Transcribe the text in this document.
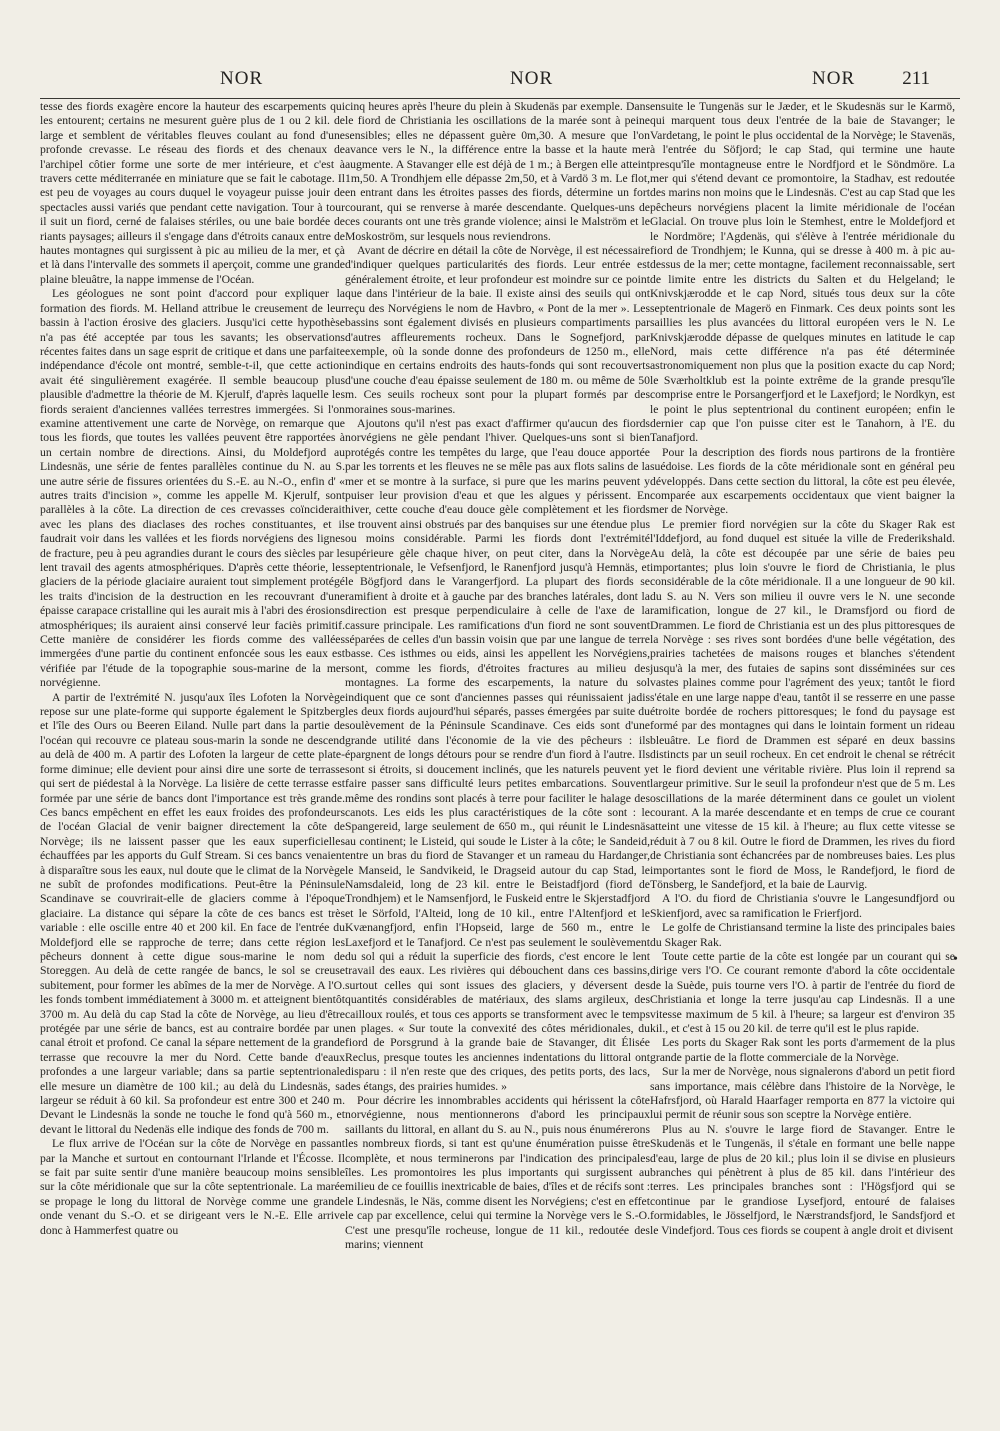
NOR	NOR	NOR 211

tesse des fiords exagère encore la hauteur des escarpements qui les entourent; certains ne mesurent guère plus de 1 ou 2 kil. de large et semblent de véritables fleuves coulant au fond d'une profonde crevasse. Le réseau des fiords et des chenaux de l'archipel côtier forme une sorte de mer intérieure, et c'est à travers cette méditerranée en miniature que se fait le cabotage. Il est peu de voyages au cours duquel le voyageur puisse jouir de spectacles aussi variés que pendant cette navigation. Tour à tour il suit un fiord, cerné de falaises stériles, ou une baie bordée de riants paysages; ailleurs il s'engage dans d'étroits canaux entre de hautes montagnes qui surgissent à pic au milieu de la mer, et çà et là dans l'intervalle des sommets il aperçoit, comme une grande plaine bleuâtre, la nappe immense de l'Océan.

Les géologues ne sont point d'accord pour expliquer la formation des fiords. M. Helland attribue le creusement de leur bassin à l'action érosive des glaciers. Jusqu'ici cette hypothèse n'a pas été acceptée par tous les savants; les observations récentes faites dans un sage esprit de critique et dans une parfaite indépendance d'école ont montré, semble-t-il, que cette action avait été singulièrement exagérée. Il semble beaucoup plus plausible d'admettre la théorie de M. Kjerulf, d'après laquelle les fiords seraient d'anciennes vallées terrestres immergées. Si l'on examine attentivement une carte de Norvège, on remarque que tous les fiords, que toutes les vallées peuvent être rapportées à un certain nombre de directions. Ainsi, du Moldefjord au Lindesnäs, une série de fentes parallèles continue du N. au S. une autre série de fissures orientées du S.-E. au N.-O., enfin d' « autres traits d'incision », comme les appelle M. Kjerulf, sont parallèles à la côte. La direction de ces crevasses coïnciderait avec les plans des diaclases des roches constituantes, et il faudrait voir dans les vallées et les fiords norvégiens des lignes de fracture, peu à peu agrandies durant le cours des siècles par le lent travail des agents atmosphériques. D'après cette théorie, les glaciers de la période glaciaire auraient tout simplement protégé les traits d'incision de la destruction en les recouvrant d'une épaisse carapace cristalline qui les aurait mis à l'abri des érosions atmosphériques; ils auraient ainsi conservé leur faciès primitif. Cette manière de considérer les fiords comme des vallées immergées d'une partie du continent enfoncée sous les eaux est vérifiée par l'étude de la topographie sous-marine de la mer norvégienne.

A partir de l'extrémité N. jusqu'aux îles Lofoten la Norvège repose sur une plate-forme qui supporte également le Spitzberg et l'île des Ours ou Beeren Eiland. Nulle part dans la partie de l'océan qui recouvre ce plateau sous-marin la sonde ne descend au delà de 400 m. A partir des Lofoten la largeur de cette plate-forme diminue; elle devient pour ainsi dire une sorte de terrasse qui sert de piédestal à la Norvège. La lisière de cette terrasse est formée par une série de bancs dont l'importance est très grande. Ces bancs empêchent en effet les eaux froides des profondeurs de l'océan Glacial de venir baigner directement la côte de Norvège; ils ne laissent passer que les eaux superficielles échauffées par les apports du Gulf Stream. Si ces bancs venaient à disparaître sous les eaux, nul doute que le climat de la Norvège ne subît de profondes modifications. Peut-être la Péninsule Scandinave se couvrirait-elle de glaciers comme à l'époque glaciaire. La distance qui sépare la côte de ces bancs est très variable : elle oscille entre 40 et 200 kil. En face de l'entrée du Moldefjord elle se rapproche de terre; dans cette région les pêcheurs donnent à cette digue sous-marine le nom de Storeggen. Au delà de cette rangée de bancs, le sol se creuse subitement, pour former les abîmes de la mer de Norvège. A l'O. les fonds tombent immédiatement à 3000 m. et atteignent bientôt 3700 m. Au delà du cap Stad la côte de Norvège, au lieu d'être protégée par une série de bancs, est au contraire bordée par un canal étroit et profond. Ce canal la sépare nettement de la grande terrasse que recouvre la mer du Nord. Cette bande d'eaux profondes a une largeur variable; dans sa partie septentrionale elle mesure un diamètre de 100 kil.; au delà du Lindesnäs, sa largeur se réduit à 60 kil. Sa profondeur est entre 300 et 240 m. Devant le Lindesnäs la sonde ne touche le fond qu'à 560 m., et devant le littoral du Nedenäs elle indique des fonds de 700 m.

Le flux arrive de l'Océan sur la côte de Norvège en passant par la Manche et surtout en contournant l'Irlande et l'Écosse. Il se fait par suite sentir d'une manière beaucoup moins sensible sur la côte méridionale que sur la côte septentrionale. La marée se propage le long du littoral de Norvège comme une grande onde venant du S.-O. et se dirigeant vers le N.-E. Elle arrive donc à Hammerfest quatre ou

cinq heures après l'heure du plein à Skudenäs par exemple. Dans le fiord de Christiania les oscillations de la marée sont à peine sensibles; elles ne dépassent guère 0m,30. A mesure que l'on avance vers le N., la différence entre la basse et la haute mer augmente. A Stavanger elle est déjà de 1 m.; à Bergen elle atteint 1m,50. A Trondhjem elle dépasse 2m,50, et à Vardö 3 m. Le flot, en entrant dans les étroites passes des fiords, détermine un fort courant, qui se renverse à marée descendante. Quelques-uns de ces courants ont une très grande violence; ainsi le Malström et le Moskoström, sur lesquels nous reviendrons.

Avant de décrire en détail la côte de Norvège, il est nécessaire d'indiquer quelques particularités des fiords. Leur entrée est généralement étroite, et leur profondeur est moindre sur ce point que dans l'intérieur de la baie. Il existe ainsi des seuils qui ont reçu des Norvégiens le nom de Havbro, « Pont de la mer ». Les bassins sont également divisés en plusieurs compartiments par d'autres affleurements rocheux. Dans le Sognefjord, par exemple, où la sonde donne des profondeurs de 1250 m., elle indique en certains endroits des hauts-fonds qui sont recouverts d'une couche d'eau épaisse seulement de 180 m. ou même de 50 m. Ces seuils rocheux sont pour la plupart formés par des moraines sous-marines.

Ajoutons qu'il n'est pas exact d'affirmer qu'aucun des fiords norvégiens ne gèle pendant l'hiver. Quelques-uns sont si bien protégés contre les tempêtes du large, que l'eau douce apportée par les torrents et les fleuves ne se mêle pas aux flots salins de la mer et se montre à la surface, si pure que les marins peuvent y puiser leur provision d'eau et que les algues y périssent. En hiver, cette couche d'eau douce gèle complètement et les fiords se trouvent ainsi obstrués par des banquises sur une étendue plus ou moins considérable. Parmi les fiords dont l'extrémité supérieure gèle chaque hiver, on peut citer, dans la Norvège septentrionale, le Vefsenfjord, le Ranenfjord jusqu'à Hemnäs, et le Bögfjord dans le Varangerfjord. La plupart des fiords se ramifient à droite et à gauche par des branches latérales, dont la direction est presque perpendiculaire à celle de l'axe de la cassure principale. Les ramifications d'un fiord ne sont souvent séparées de celles d'un bassin voisin que par une langue de terre basse. Ces isthmes ou eids, ainsi les appellent les Norvégiens, sont, comme les fiords, d'étroites fractures au milieu des montagnes. La forme des escarpements, la nature du sol indiquent que ce sont d'anciennes passes qui réunissaient jadis les deux fiords aujourd'hui séparés, passes émergées par suite du soulèvement de la Péninsule Scandinave. Ces eids sont d'une grande utilité dans l'économie de la vie des pêcheurs : ils épargnent de longs détours pour se rendre d'un fiord à l'autre. Ils sont si étroits, si doucement inclinés, que les naturels peuvent y faire passer sans difficulté leurs petites embarcations. Souvent même des rondins sont placés à terre pour faciliter le halage des canots. Les eids les plus caractéristiques de la côte sont : le Spangereid, large seulement de 650 m., qui réunit le Lindesnäs au continent; le Listeid, qui soude le Lister à la côte; le Sandeid, entre un bras du fiord de Stavanger et un rameau du Hardanger, le Manseid, le Sandvikeid, le Dragseid autour du cap Stad, le Namsdaleid, long de 23 kil. entre le Beistadfjord (fiord de Trondhjem) et le Namsenfjord, le Fuskeid entre le Skjerstadfjord et le Sörfold, l'Alteid, long de 10 kil., entre l'Altenfjord et le Kvænangfjord, enfin l'Hopseid, large de 560 m., entre le Laxefjord et le Tanafjord. Ce n'est pas seulement le soulèvement du sol qui a réduit la superficie des fiords, c'est encore le lent travail des eaux. Les rivières qui débouchent dans ces bassins, surtout celles qui sont issues des glaciers, y déversent des quantités considérables de matériaux, des slams argileux, des cailloux roulés, et tous ces apports se transforment avec le temps en plages. « Sur toute la convexité des côtes méridionales, du fiord de Porsgrund à la grande baie de Stavanger, dit Élisée Reclus, presque toutes les anciennes indentations du littoral ont disparu : il n'en reste que des criques, des petits ports, des lacs, des étangs, des prairies humides. »

Pour décrire les innombrables accidents qui hérissent la côte norvégienne, nous mentionnerons d'abord les principaux saillants du littoral, en allant du S. au N., puis nous énumérerons les nombreux fiords, si tant est qu'une énumération puisse être complète, et nous terminerons par l'indication des principales îles. Les promontoires les plus importants qui surgissent au milieu de ce fouillis inextricable de baies, d'îles et de récifs sont : le Lindesnäs, le Näs, comme disent les Norvégiens; c'est en effet le cap par excellence, celui qui termine la Norvège vers le S.-O. C'est une presqu'île rocheuse, longue de 11 kil., redoutée des marins; viennent

ensuite le Tungenäs sur le Jæder, et le Skudesnäs sur le Karmö, qui marquent tous deux l'entrée de la baie de Stavanger; le Vardetang, le point le plus occidental de la Norvège; le Stavenäs, à l'entrée du Söfjord; le cap Stad, qui termine une haute presqu'île montagneuse entre le Nordfjord et le Söndmöre. La mer qui s'étend devant ce promontoire, la Stadhav, est redoutée des marins non moins que le Lindesnäs. C'est au cap Stad que les pêcheurs norvégiens placent la limite méridionale de l'océan Glacial. On trouve plus loin le Stemhest, entre le Moldefjord et le Nordmöre; l'Agdenäs, qui s'élève à l'entrée méridionale du fiord de Trondhjem; le Kunna, qui se dresse à 400 m. à pic au-dessus de la mer; cette montagne, facilement reconnaissable, sert de limite entre les districts du Salten et du Helgeland; le Knivskjærodde et le cap Nord, situés tous deux sur la côte septentrionale de Magerö en Finmark. Ces deux points sont les saillies les plus avancées du littoral européen vers le N. Le Knivskjærodde dépasse de quelques minutes en latitude le cap Nord, mais cette différence n'a pas été déterminée astronomiquement non plus que la position exacte du cap Nord; le Sværholtklub est la pointe extrême de la grande presqu'île comprise entre le Porsangerfjord et le Laxefjord; le Nordkyn, est le point le plus septentrional du continent européen; enfin le dernier cap que l'on puisse citer est le Tanahorn, à l'E. du Tanafjord.

Pour la description des fiords nous partirons de la frontière suédoise. Les fiords de la côte méridionale sont en général peu développés. Dans cette section du littoral, la côte est peu élevée, comparée aux escarpements occidentaux que vient baigner la mer de Norvège.

Le premier fiord norvégien sur la côte du Skager Rak est l'Iddefjord, au fond duquel est située la ville de Frederikshald. Au delà, la côte est découpée par une série de baies peu importantes; plus loin s'ouvre le fiord de Christiania, le plus considérable de la côte méridionale. Il a une longueur de 90 kil. du S. au N. Vers son milieu il ouvre vers le N. une seconde ramification, longue de 27 kil., le Dramsfjord ou fiord de Drammen. Le fiord de Christiania est un des plus pittoresques de la Norvège : ses rives sont bordées d'une belle végétation, des prairies tachetées de maisons rouges et blanches s'étendent jusqu'à la mer, des futaies de sapins sont disséminées sur ces vastes plaines comme pour l'agrément des yeux; tantôt le fiord s'étale en une large nappe d'eau, tantôt il se resserre en une passe étroite bordée de rochers pittoresques; le fond du paysage est formé par des montagnes qui dans le lointain forment un rideau bleuâtre. Le fiord de Drammen est séparé en deux bassins distincts par un seuil rocheux. En cet endroit le chenal se rétrécit et le fiord devient une véritable rivière. Plus loin il reprend sa largeur primitive. Sur le seuil la profondeur n'est que de 5 m. Les oscillations de la marée déterminent dans ce goulet un violent courant. A la marée descendante et en temps de crue ce courant atteint une vitesse de 15 kil. à l'heure; au flux cette vitesse se réduit à 7 ou 8 kil. Outre le fiord de Drammen, les rives du fiord de Christiania sont échancrées par de nombreuses baies. Les plus importantes sont le fiord de Moss, le Randefjord, le fiord de Tönsberg, le Sandefjord, et la baie de Laurvig.

A l'O. du fiord de Christiania s'ouvre le Langesundfjord ou Skienfjord, avec sa ramification le Frierfjord.

Le golfe de Christiansand termine la liste des principales baies du Skager Rak.

Toute cette partie de la côte est longée par un courant qui se dirige vers l'O. Ce courant remonte d'abord la côte occidentale de la Suède, puis tourne vers l'O. à partir de l'entrée du fiord de Christiania et longe la terre jusqu'au cap Lindesnäs. Il a une vitesse maximum de 5 kil. à l'heure; sa largeur est d'environ 35 kil., et c'est à 15 ou 20 kil. de terre qu'il est le plus rapide.

Les ports du Skager Rak sont les ports d'armement de la plus grande partie de la flotte commerciale de la Norvège.

Sur la mer de Norvège, nous signalerons d'abord un petit fiord sans importance, mais célèbre dans l'histoire de la Norvège, le Hafrsfjord, où Harald Haarfager remporta en 877 la victoire qui lui permit de réunir sous son sceptre la Norvège entière.

Plus au N. s'ouvre le large fiord de Stavanger. Entre le Skudenäs et le Tungenäs, il s'étale en formant une belle nappe d'eau, large de plus de 20 kil.; plus loin il se divise en plusieurs branches qui pénètrent à plus de 85 kil. dans l'intérieur des terres. Les principales branches sont : l'Högsfjord qui se continue par le grandiose Lysefjord, entouré de falaises formidables, le Jösselfjord, le Nærstrandsfjord, le Sandsfjord et le Vindefjord. Tous ces fiords se coupent à angle droit et divisent

•
